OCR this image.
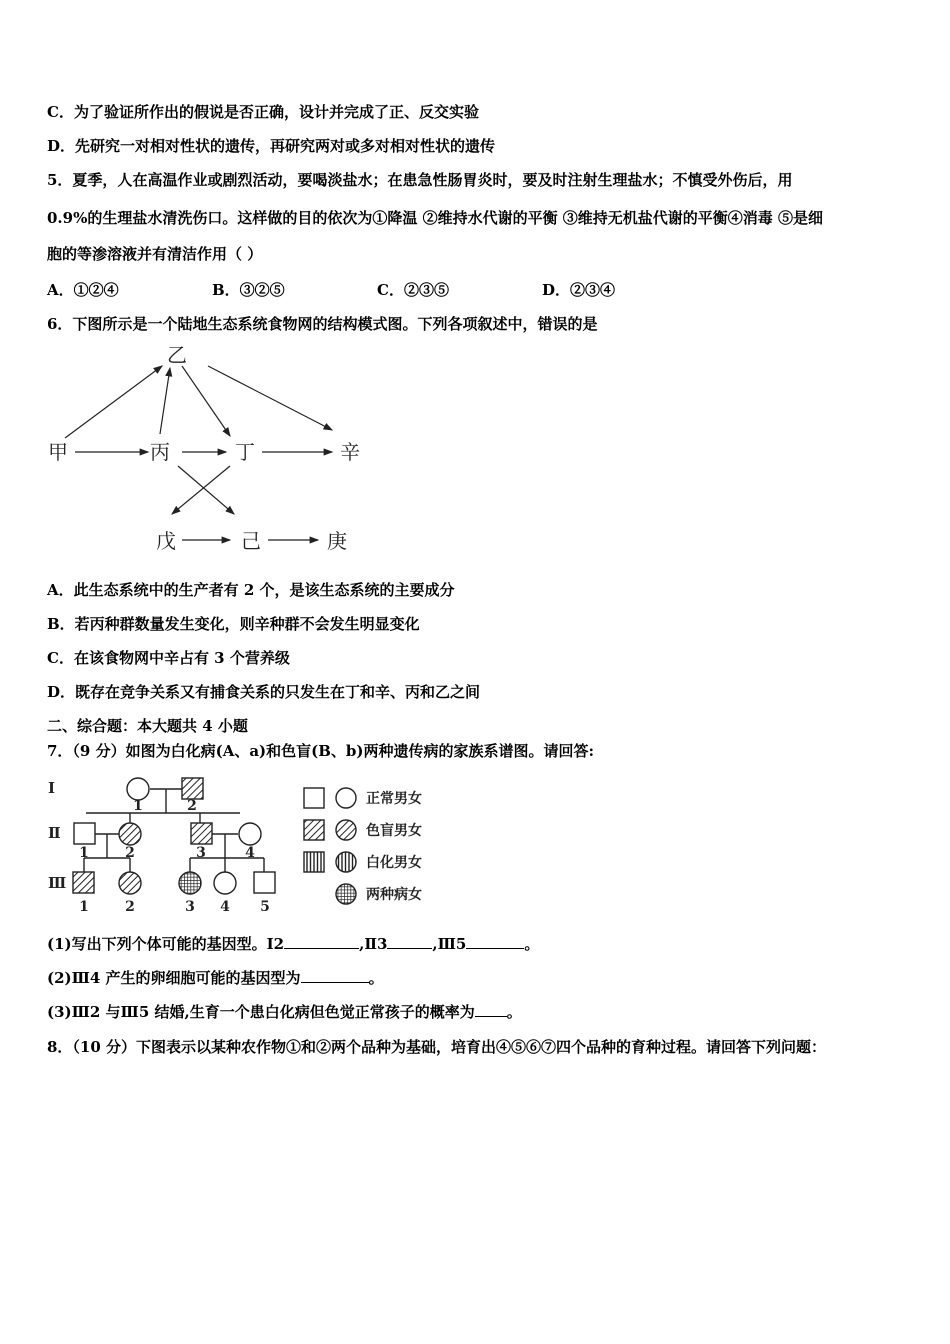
C．为了验证所作出的假说是否正确，设计并完成了正、反交实验
D．先研究一对相对性状的遗传，再研究两对或多对相对性状的遗传
5．夏季，人在高温作业或剧烈活动，要喝淡盐水；在患急性肠胃炎时，要及时注射生理盐水；不慎受外伤后，用
0.9%的生理盐水清洗伤口。这样做的目的依次为①降温 ②维持水代谢的平衡 ③维持无机盐代谢的平衡④消毒 ⑤是细
胞的等渗溶液并有清洁作用（ ）
A．①②④	B．③②⑤	C．②③⑤	D．②③④
6．下图所示是一个陆地生态系统食物网的结构模式图。下列各项叙述中，错误的是
乙
甲	丙	丁	辛
戊	己	庚
A．此生态系统中的生产者有 2 个，是该生态系统的主要成分
B．若丙种群数量发生变化，则辛种群不会发生明显变化
C．在该食物网中辛占有 3 个营养级
D．既存在竞争关系又有捕食关系的只发生在丁和辛、丙和乙之间
二、综合题：本大题共 4 小题
7．（9 分）如图为白化病(A、a)和色盲(B、b)两种遗传病的家族系谱图。请回答:
Ⅰ
Ⅱ
Ⅲ
1	2
1	2	3	4
1	2	3 4 5
正常男女
色盲男女
白化男女
两种病女
(1)写出下列个体可能的基因型。Ⅰ2	,Ⅱ3	,Ⅲ5	。
(2)Ⅲ4 产生的卵细胞可能的基因型为	。
(3)Ⅲ2 与Ⅲ5 结婚,生育一个患白化病但色觉正常孩子的概率为 。
8．（10 分）下图表示以某种农作物①和②两个品种为基础，培育出④⑤⑥⑦四个品种的育种过程。请回答下列问题：
